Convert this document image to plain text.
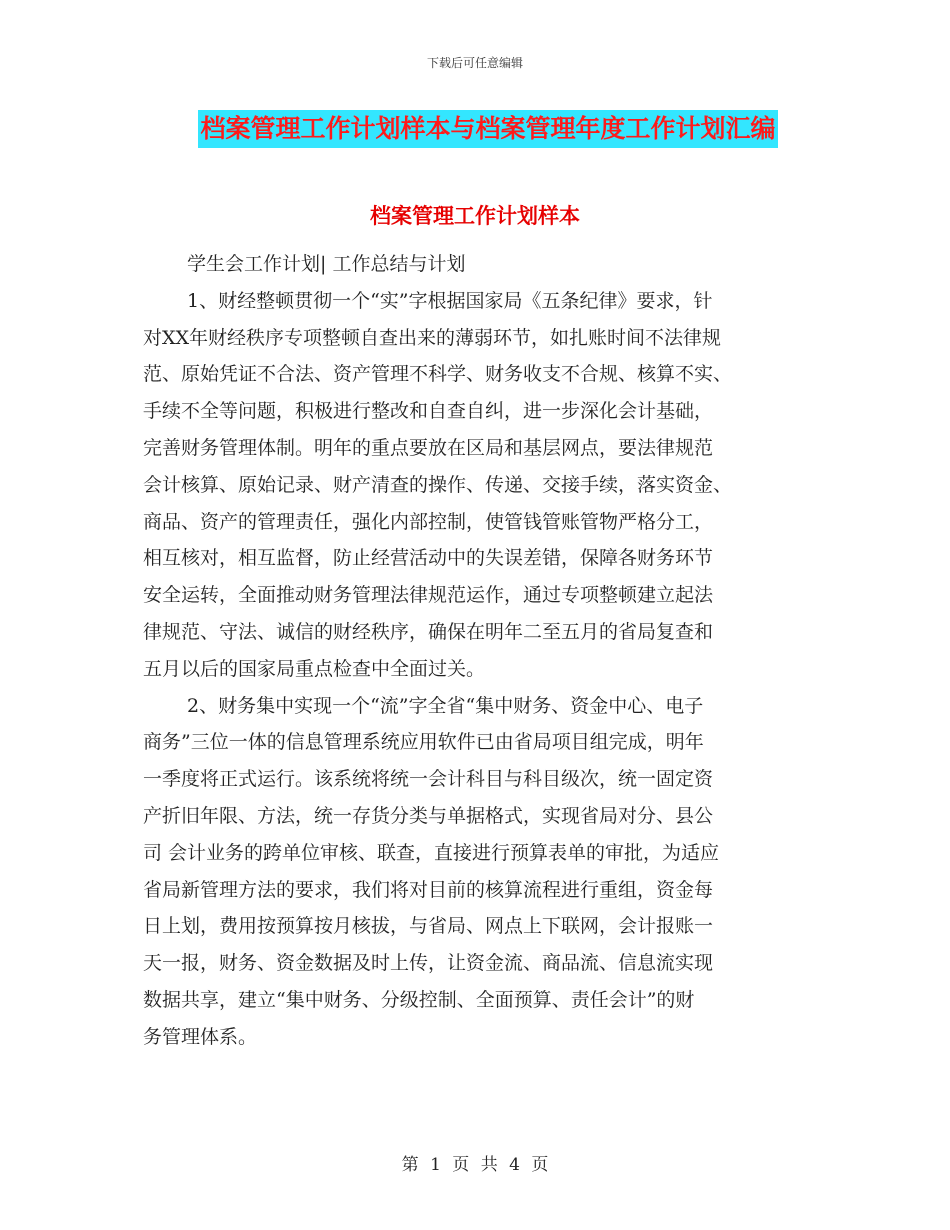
下载后可任意编辑
档案管理工作计划样本与档案管理年度工作计划汇编
档案管理工作计划样本

学生会工作计划| 工作总结与计划

1、财经整顿贯彻一个“实”字根据国家局《五条纪律》要求，针
对XX年财经秩序专项整顿自查出来的薄弱环节，如扎账时间不法律规
范、原始凭证不合法、资产管理不科学、财务收支不合规、核算不实、
手续不全等问题，积极进行整改和自查自纠，进一步深化会计基础，
完善财务管理体制。明年的重点要放在区局和基层网点，要法律规范
会计核算、原始记录、财产清查的操作、传递、交接手续，落实资金、
商品、资产的管理责任，强化内部控制，使管钱管账管物严格分工，
相互核对，相互监督，防止经营活动中的失误差错，保障各财务环节
安全运转，全面推动财务管理法律规范运作，通过专项整顿建立起法
律规范、守法、诚信的财经秩序，确保在明年二至五月的省局复查和
五月以后的国家局重点检查中全面过关。

2、财务集中实现一个“流”字全省“集中财务、资金中心、电子
商务”三位一体的信息管理系统应用软件已由省局项目组完成，明年
一季度将正式运行。该系统将统一会计科目与科目级次，统一固定资
产折旧年限、方法，统一存货分类与单据格式，实现省局对分、县公
司 会计业务的跨单位审核、联查，直接进行预算表单的审批，为适应
省局新管理方法的要求，我们将对目前的核算流程进行重组，资金每
日上划，费用按预算按月核拔，与省局、网点上下联网，会计报账一
天一报，财务、资金数据及时上传，让资金流、商品流、信息流实现
数据共享，建立“集中财务、分级控制、全面预算、责任会计”的财
务管理体系。

第 1 页 共 4 页
